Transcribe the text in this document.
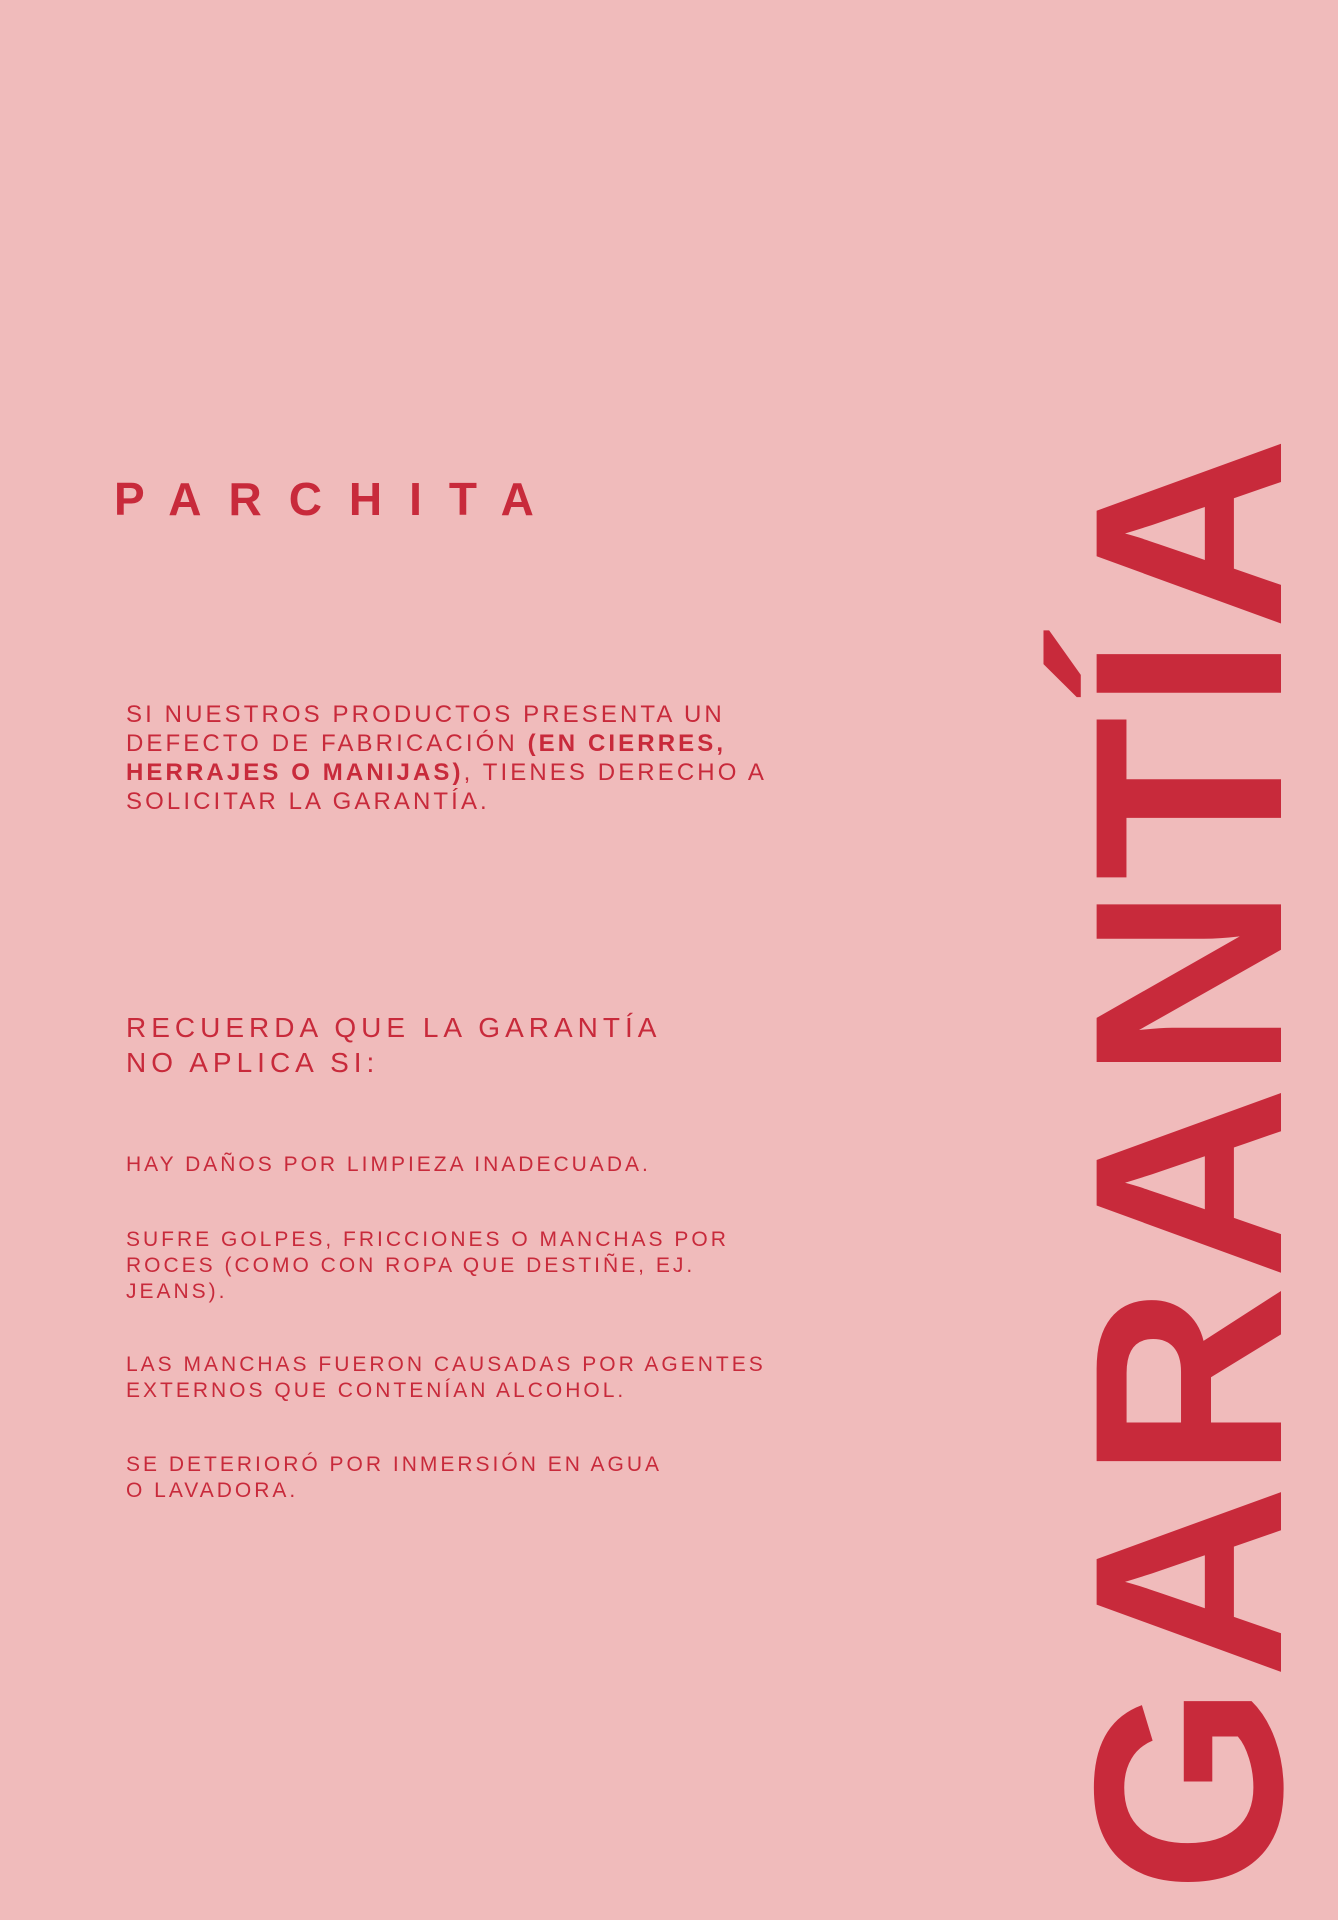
PARCHITA
SI NUESTROS PRODUCTOS PRESENTA UN DEFECTO DE FABRICACIÓN (EN CIERRES, HERRAJES O MANIJAS), TIENES DERECHO A SOLICITAR LA GARANTÍA.
RECUERDA QUE LA GARANTÍA
NO APLICA SI:
HAY DAÑOS POR LIMPIEZA INADECUADA.
SUFRE GOLPES, FRICCIONES O MANCHAS POR ROCES (COMO CON ROPA QUE DESTIÑE, EJ. JEANS).
LAS MANCHAS FUERON CAUSADAS POR AGENTES EXTERNOS QUE CONTENÍAN ALCOHOL.
SE DETERIORÓ POR INMERSIÓN EN AGUA O LAVADORA.	GARANTÍA
